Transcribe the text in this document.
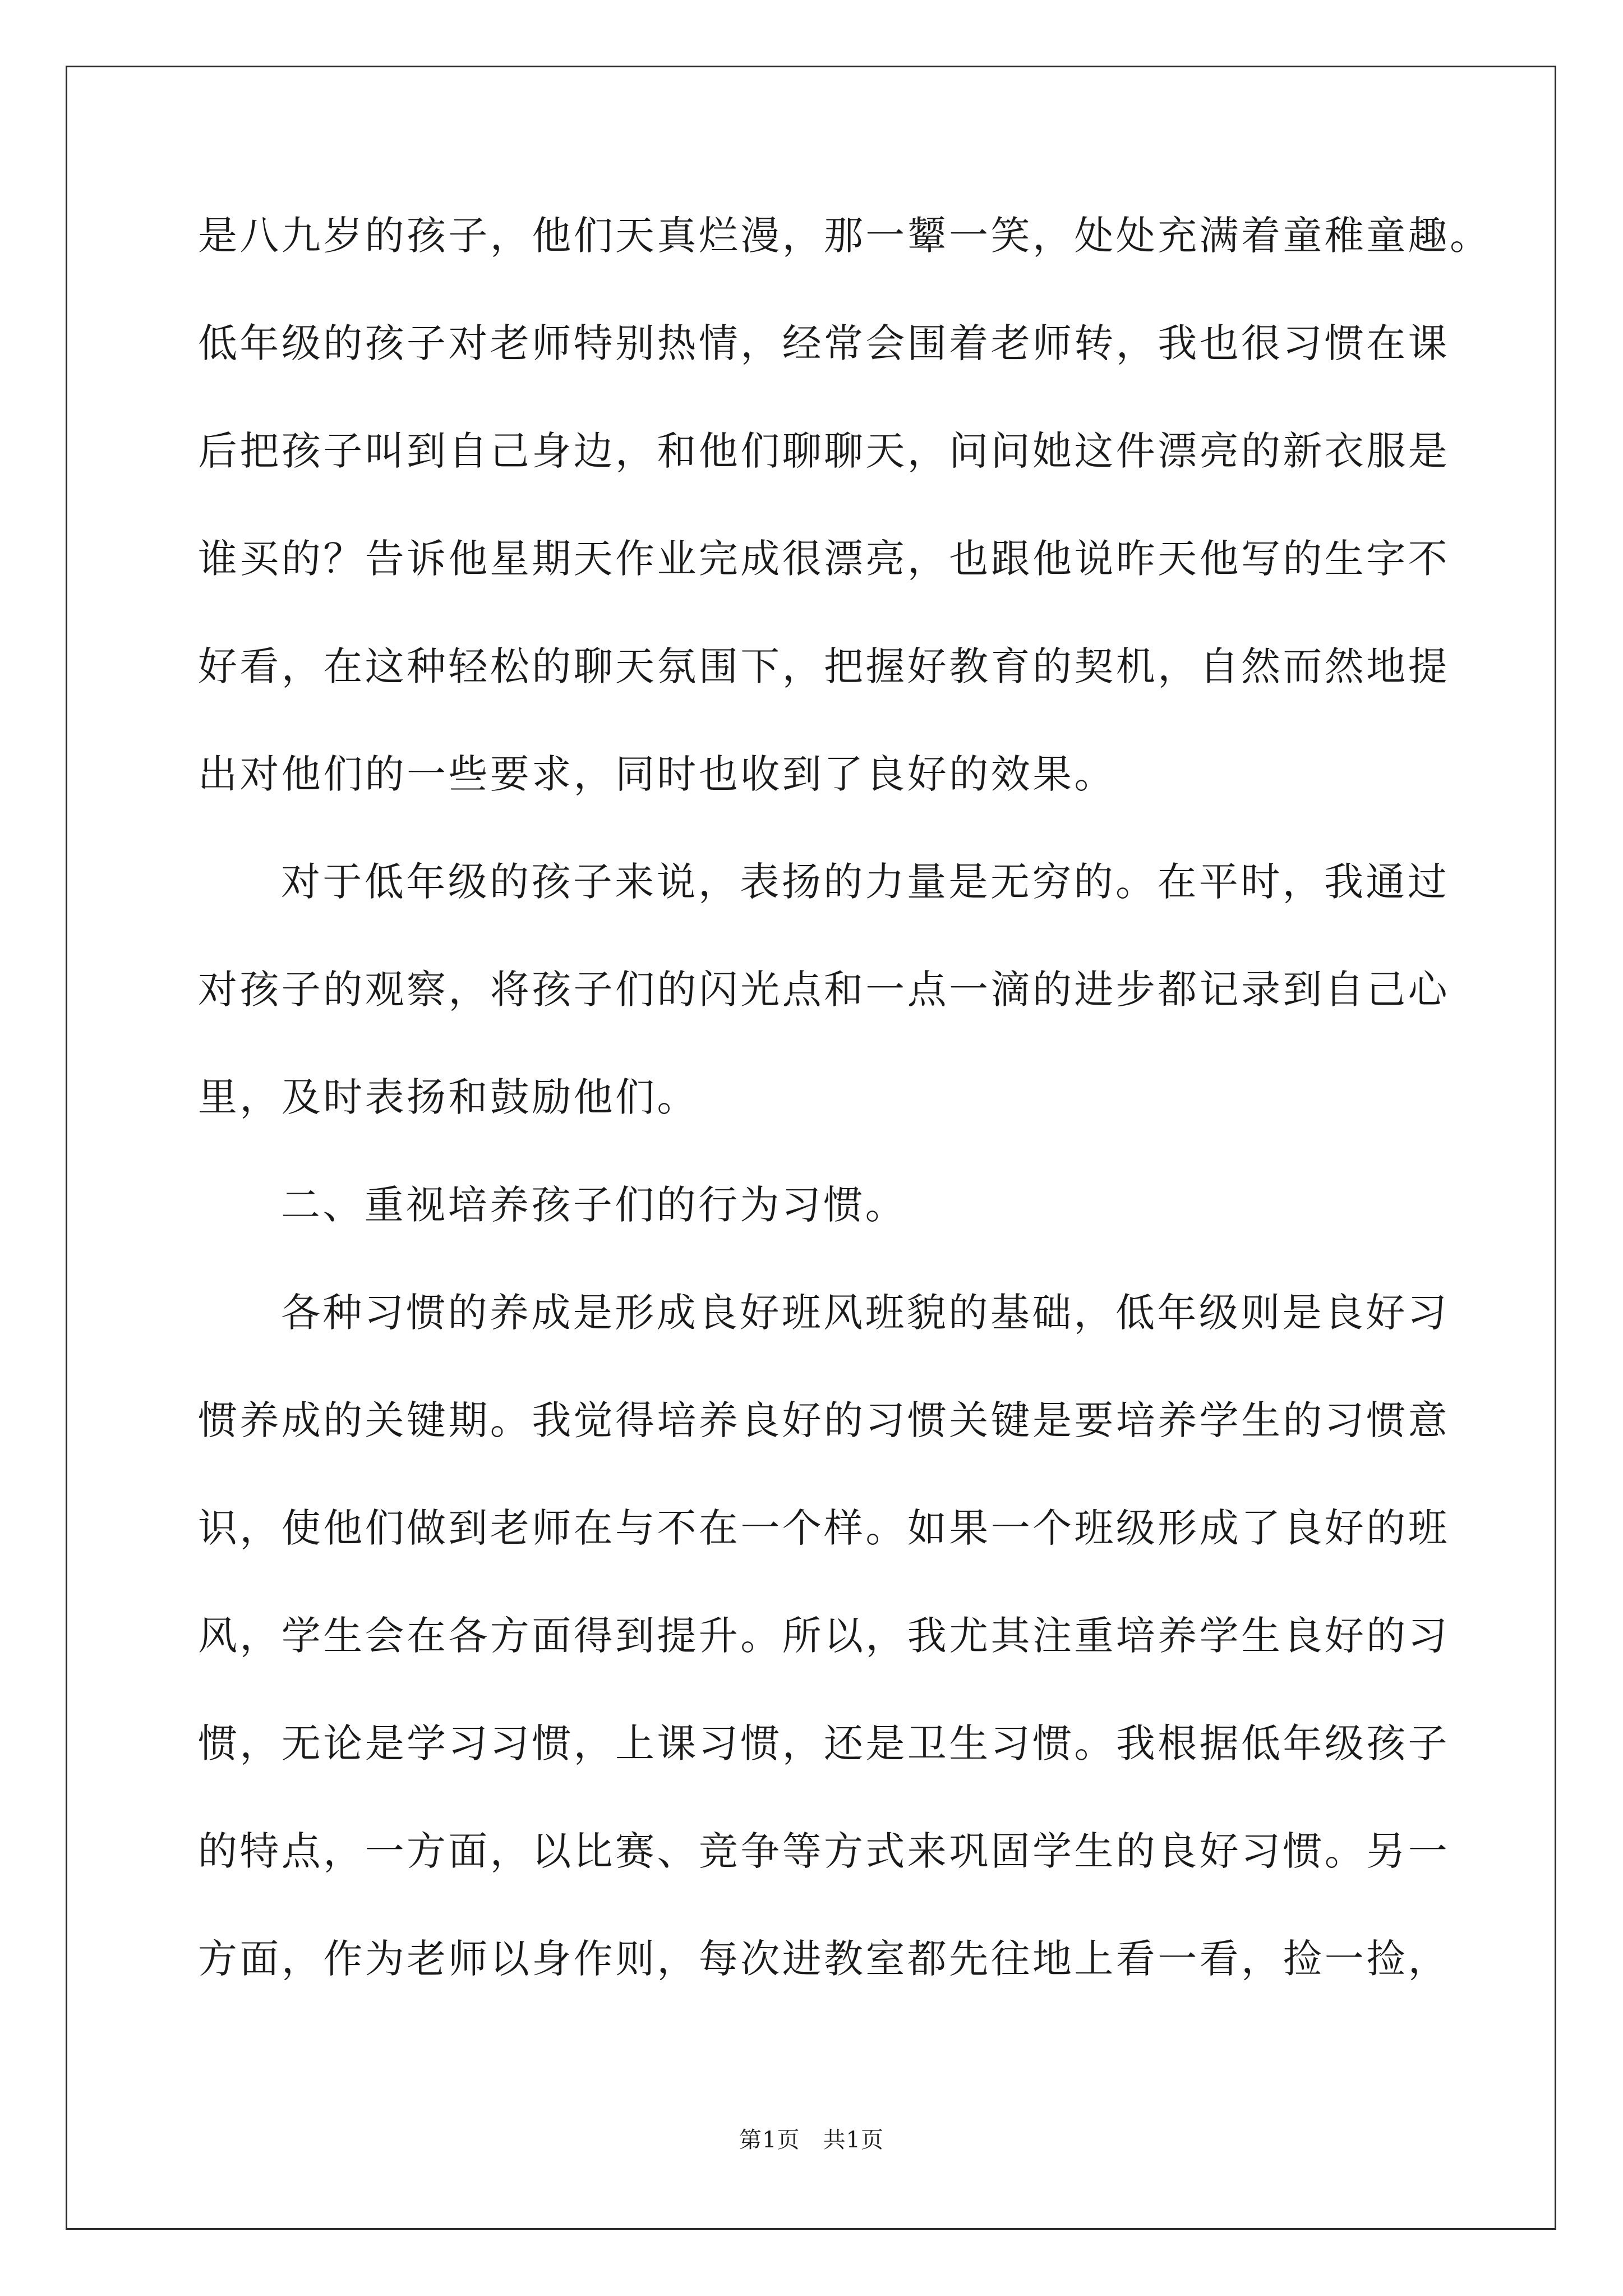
是八九岁的孩子，他们天真烂漫，那一颦一笑，处处充满着童稚童趣。
低年级的孩子对老师特别热情，经常会围着老师转，我也很习惯在课
后把孩子叫到自己身边，和他们聊聊天，问问她这件漂亮的新衣服是
谁买的？告诉他星期天作业完成很漂亮，也跟他说昨天他写的生字不
好看，在这种轻松的聊天氛围下，把握好教育的契机，自然而然地提
出对他们的一些要求，同时也收到了良好的效果。
对于低年级的孩子来说，表扬的力量是无穷的。在平时，我通过
对孩子的观察，将孩子们的闪光点和一点一滴的进步都记录到自己心
里，及时表扬和鼓励他们。
二、重视培养孩子们的行为习惯。
各种习惯的养成是形成良好班风班貌的基础，低年级则是良好习
惯养成的关键期。我觉得培养良好的习惯关键是要培养学生的习惯意
识，使他们做到老师在与不在一个样。如果一个班级形成了良好的班
风，学生会在各方面得到提升。所以，我尤其注重培养学生良好的习
惯，无论是学习习惯，上课习惯，还是卫生习惯。我根据低年级孩子
的特点，一方面，以比赛、竞争等方式来巩固学生的良好习惯。另一
方面，作为老师以身作则，每次进教室都先往地上看一看，捡一捡，
第1页　共1页
